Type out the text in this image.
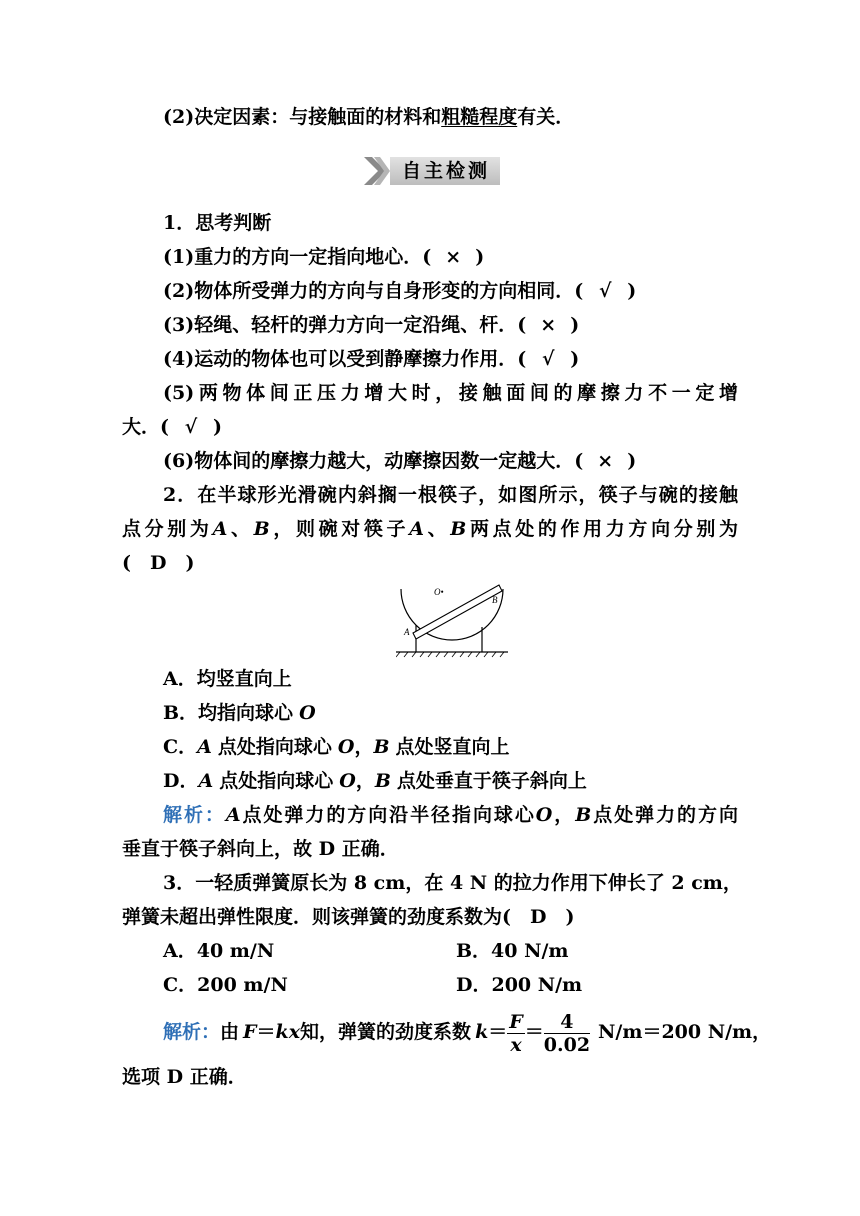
(2)决定因素：与接触面的材料和粗糙程度有关．
自主检测
1．思考判断
(1)重力的方向一定指向地心．( × )
(2)物体所受弹力的方向与自身形变的方向相同．( √ )
(3)轻绳、轻杆的弹力方向一定沿绳、杆．( × )
(4)运动的物体也可以受到静摩擦力作用．( √ )
(5)两物体间正压力增大时，接触面间的摩擦力不一定增
大．( √ )
(6)物体间的摩擦力越大，动摩擦因数一定越大．( × )
2．在半球形光滑碗内斜搁一根筷子，如图所示，筷子与碗的接触
点分别为A、B，则碗对筷子A、B两点处的作用力方向分别为
(　D　)
O•
A
B
A．均竖直向上
B．均指向球心 O
C．A 点处指向球心 O，B 点处竖直向上
D．A 点处指向球心 O，B 点处垂直于筷子斜向上
解析：A点处弹力的方向沿半径指向球心O，B点处弹力的方向
垂直于筷子斜向上，故 D 正确．
3．一轻质弹簧原长为 8 cm，在 4 N 的拉力作用下伸长了 2 cm，
弹簧未超出弹性限度．则该弹簧的劲度系数为(　D　)
A．40 m/N	B．40 N/m
C．200 m/N	D．200 N/m
解析：由 F＝kx知，弹簧的劲度系数 $k= \frac{F}{x} = \frac{4}{0.02} N/m=200$ N/m，
选项 D 正确．
